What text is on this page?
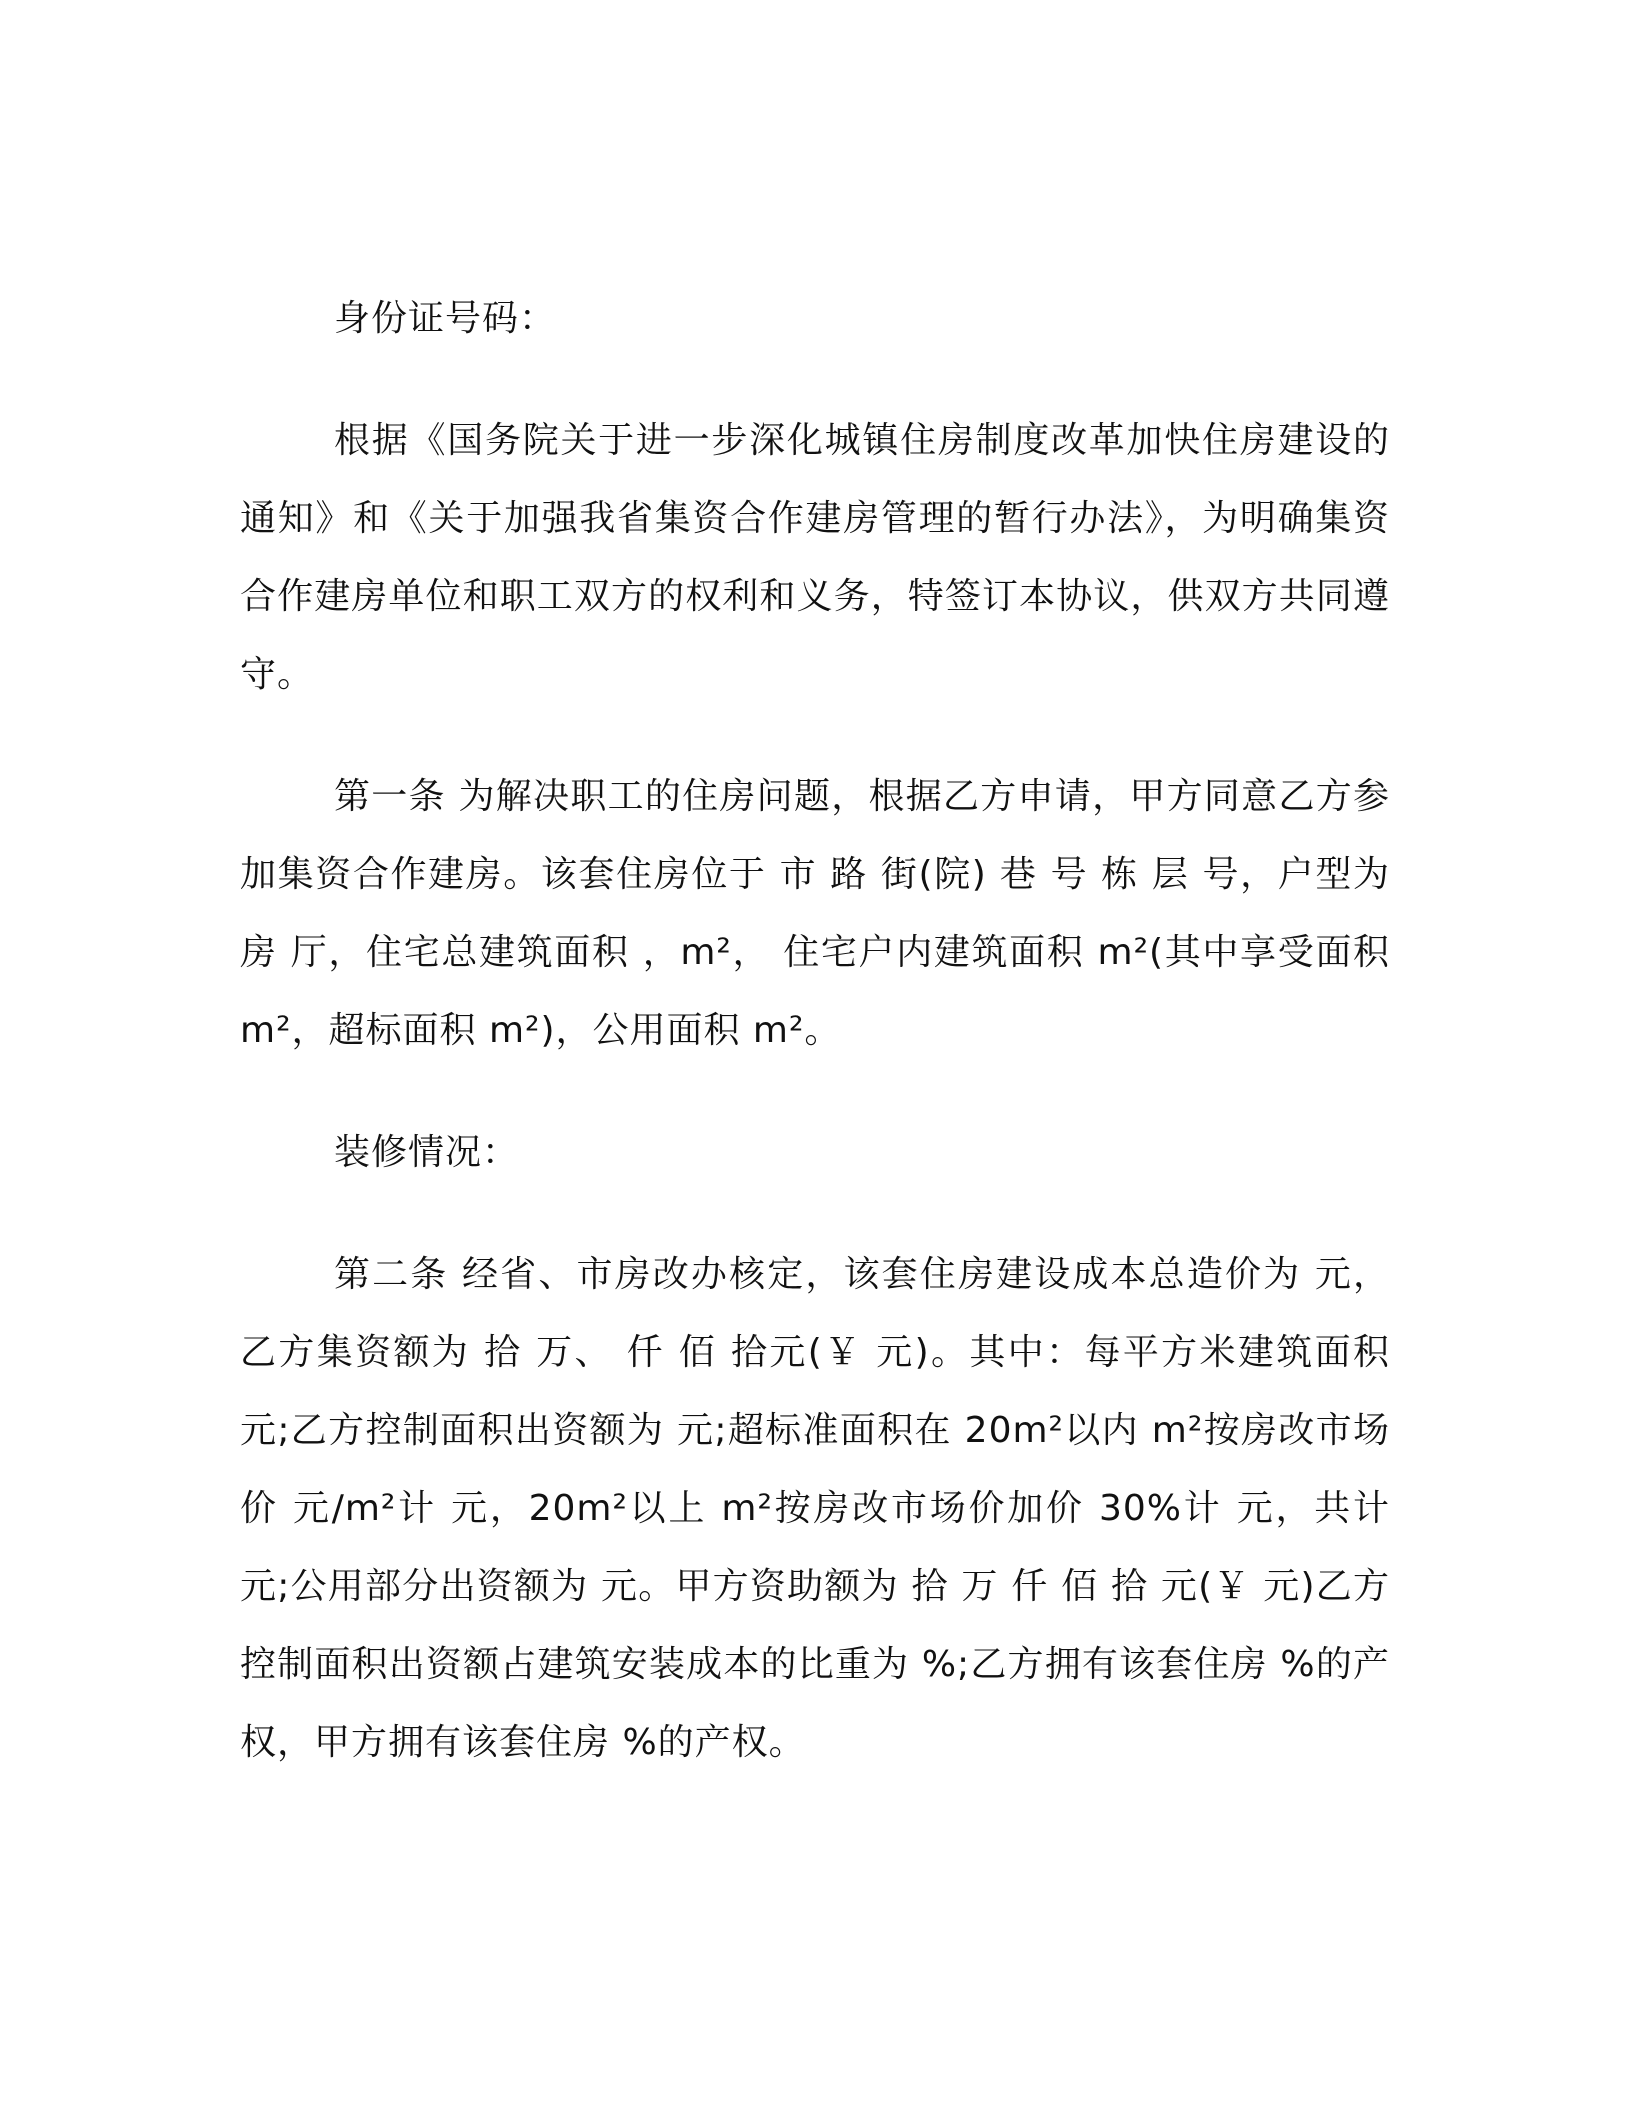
身份证号码：

根据《国务院关于进一步深化城镇住房制度改革加快住房建设的通知》和《关于加强我省集资合作建房管理的暂行办法》，为明确集资合作建房单位和职工双方的权利和义务，特签订本协议，供双方共同遵守。

第一条 为解决职工的住房问题，根据乙方申请，甲方同意乙方参加集资合作建房。该套住房位于 市 路 街(院) 巷 号 栋 层 号，户型为 房 厅，住宅总建筑面积 ，m²， 住宅户内建筑面积 m²(其中享受面积 m²，超标面积 m²)，公用面积 m²。

装修情况：

第二条 经省、市房改办核定，该套住房建设成本总造价为 元，乙方集资额为 拾 万、 仟 佰 拾元(￥ 元)。其中：每平方米建筑面积 元;乙方控制面积出资额为 元;超标准面积在 20m²以内 m²按房改市场价 元/m²计 元，20m²以上 m²按房改市场价加价 30%计 元，共计 元;公用部分出资额为 元。甲方资助额为 拾 万 仟 佰 拾 元(￥ 元)乙方控制面积出资额占建筑安装成本的比重为 %;乙方拥有该套住房 %的产权，甲方拥有该套住房 %的产权。
